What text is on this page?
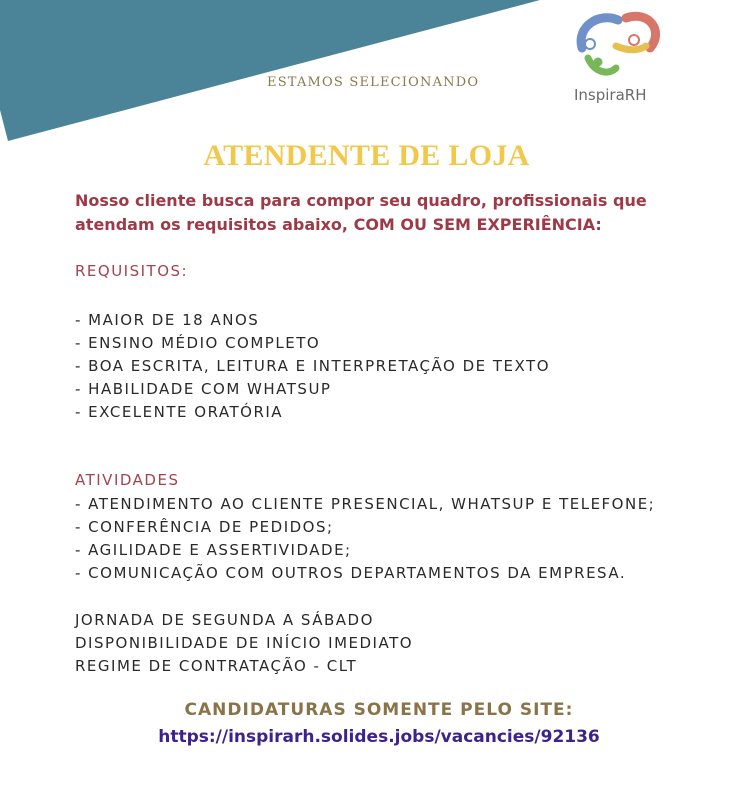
InspiraRH
ESTAMOS SELECIONANDO
ATENDENTE DE LOJA
Nosso cliente busca para compor seu quadro, profissionais que atendam os requisitos abaixo, COM OU SEM EXPERIÊNCIA:
REQUISITOS:
- MAIOR DE 18 ANOS
- ENSINO MÉDIO COMPLETO
- BOA ESCRITA, LEITURA E INTERPRETAÇÃO DE TEXTO
- HABILIDADE COM WHATSUP
- EXCELENTE ORATÓRIA
ATIVIDADES
- ATENDIMENTO AO CLIENTE PRESENCIAL, WHATSUP E TELEFONE;
- CONFERÊNCIA DE PEDIDOS;
- AGILIDADE E ASSERTIVIDADE;
- COMUNICAÇÃO COM OUTROS DEPARTAMENTOS DA EMPRESA.
JORNADA DE SEGUNDA A SÁBADO
DISPONIBILIDADE DE INÍCIO IMEDIATO
REGIME DE CONTRATAÇÃO - CLT
CANDIDATURAS SOMENTE PELO SITE:
https://inspirarh.solides.jobs/vacancies/92136
